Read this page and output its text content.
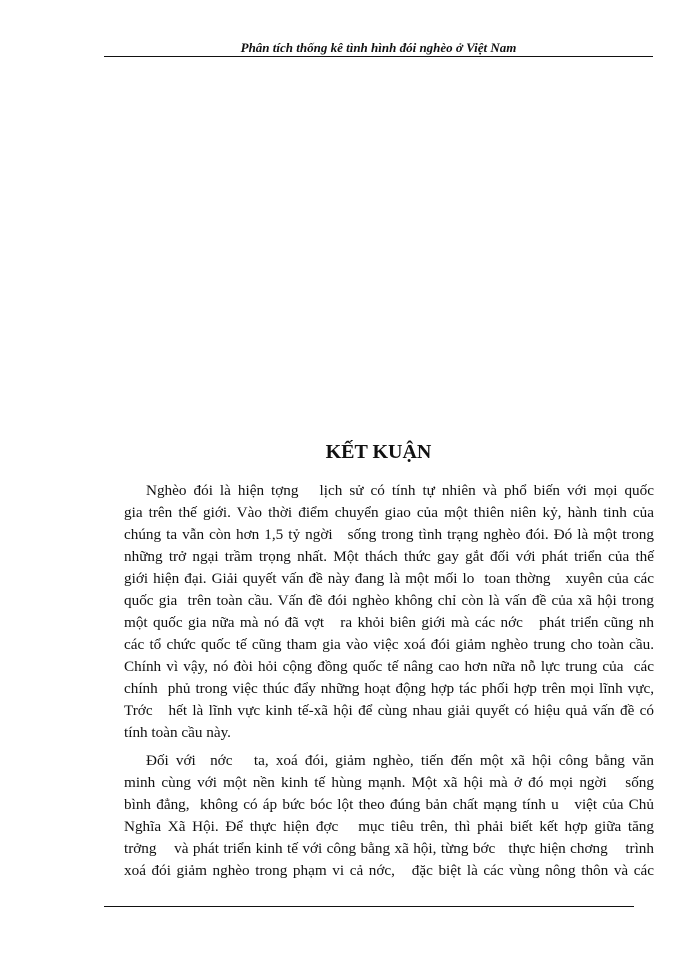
Phân tích thống kê tình hình đói nghèo ở Việt Nam
KẾT KUẬN

Nghèo đói là hiện tợng   lịch sử có tính tự nhiên và phổ biến với mọi quốc
gia trên thế giới. Vào thời điểm chuyển giao của một thiên niên kỷ, hành tinh của
chúng ta vẫn còn hơn 1,5 tỷ ngời   sống trong tình trạng nghèo đói. Đó là một trong
những trở ngại trầm trọng nhất. Một thách thức gay gắt đối với phát triển của thế
giới hiện đại. Giải quyết vấn đề này đang là một mối lo  toan thờng   xuyên của các
quốc gia  trên toàn cầu. Vấn đề đói nghèo không chỉ còn là vấn đề của xã hội trong
một quốc gia nữa mà nó đã vợt   ra khỏi biên giới mà các nớc   phát triển cũng nh
các tổ chức quốc tế cũng tham gia vào việc xoá đói giảm nghèo trung cho toàn cầu.
Chính vì vậy, nó đòi hỏi cộng đồng quốc tế nâng cao hơn nữa nỗ lực trung của  các
chính  phủ trong việc thúc đẩy những hoạt động hợp tác phối hợp trên mọi lĩnh vực,
Trớc   hết là lĩnh vực kinh tế-xã hội để cùng nhau giải quyết có hiệu quả vấn đề có
tính toàn cầu này.

Đối với  nớc   ta, xoá đói, giảm nghèo, tiến đến một xã hội công bằng văn
minh cùng với một nền kinh tế hùng mạnh. Một xã hội mà ở đó mọi ngời   sống
bình đẳng,  không có áp bức bóc lột theo đúng bản chất mạng tính u   việt của Chủ
Nghĩa Xã Hội. Để thực hiện đợc   mục tiêu trên, thì phải biết kết hợp giữa tăng
trởng    và phát triển kinh tế với công bằng xã hội, từng bớc   thực hiện chơng    trình
xoá đói giảm nghèo trong phạm vi cả nớc,   đặc biệt là các vùng nông thôn và các
